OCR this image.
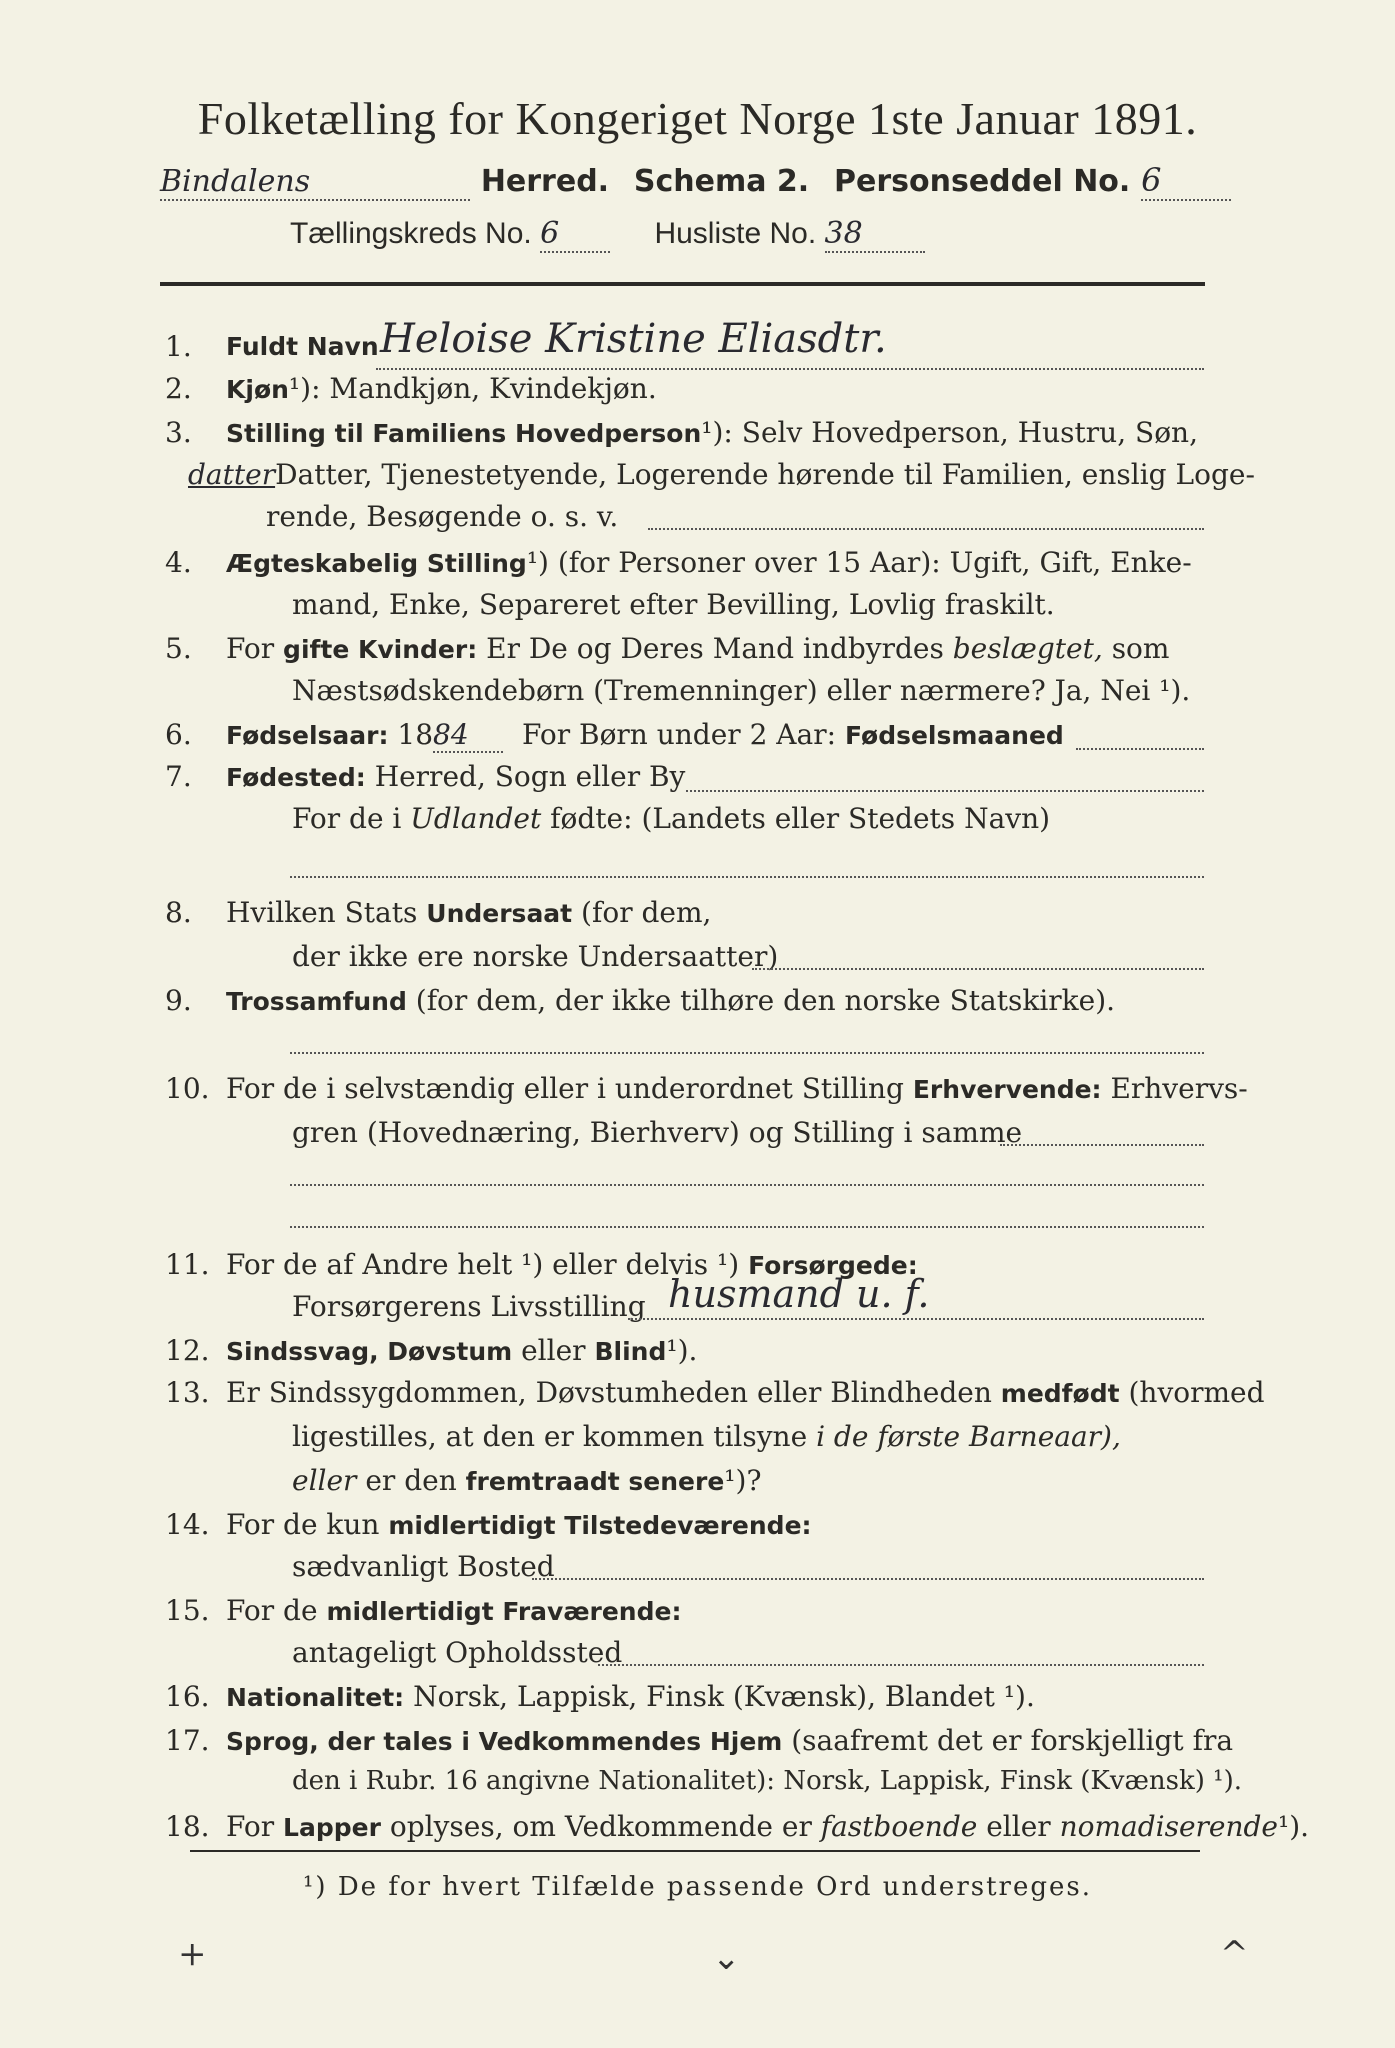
Folketælling for Kongeriget Norge 1ste Januar 1891.
Bindalens	Herred. Schema 2. Personseddel No. 6
Tællingskreds No. 6	Husliste No. 38
1.	Fuldt Navn Heloise Kristine Eliasdtr.
2.	Kjøn¹): Mandkjøn, Kvindekjøn.
3.	Stilling til Familiens Hovedperson¹): Selv Hovedperson, Hustru, Søn,
datterDatter, Tjenestetyende, Logerende hørende til Familien, enslig Loge-
rende, Besøgende o. s. v.
4.	Ægteskabelig Stilling¹) (for Personer over 15 Aar): Ugift, Gift, Enke-
mand, Enke, Separeret efter Bevilling, Lovlig fraskilt.
5.	For gifte Kvinder: Er De og Deres Mand indbyrdes beslægtet, som
Næstsødskendebørn (Tremenninger) eller nærmere? Ja, Nei ¹).
6.	Fødselsaar: 1884 For Børn under 2 Aar: Fødselsmaaned
7.	Fødested: Herred, Sogn eller By
For de i Udlandet fødte: (Landets eller Stedets Navn)
8.	Hvilken Stats Undersaat (for dem,
der ikke ere norske Undersaatter)
9.	Trossamfund (for dem, der ikke tilhøre den norske Statskirke).
10. For de i selvstændig eller i underordnet Stilling Erhvervende: Erhvervs-
gren (Hovednæring, Bierhverv) og Stilling i samme
11. For de af Andre helt ¹) eller delvis ¹) Forsørgede:
Forsørgerens Livsstilling husmand u. f.
12. Sindssvag, Døvstum eller Blind¹).
13. Er Sindssygdommen, Døvstumheden eller Blindheden medfødt (hvormed
ligestilles, at den er kommen tilsyne i de første Barneaar),
eller er den fremtraadt senere¹)?
14. For de kun midlertidigt Tilstedeværende:
sædvanligt Bosted
15. For de midlertidigt Fraværende:
antageligt Opholdssted
16. Nationalitet: Norsk, Lappisk, Finsk (Kvænsk), Blandet ¹).
17. Sprog, der tales i Vedkommendes Hjem (saafremt det er forskjelligt fra
den i Rubr. 16 angivne Nationalitet): Norsk, Lappisk, Finsk (Kvænsk) ¹).
18. For Lapper oplyses, om Vedkommende er fastboende eller nomadiserende¹).
¹) De for hvert Tilfælde passende Ord understreges.
+	⌄	^
